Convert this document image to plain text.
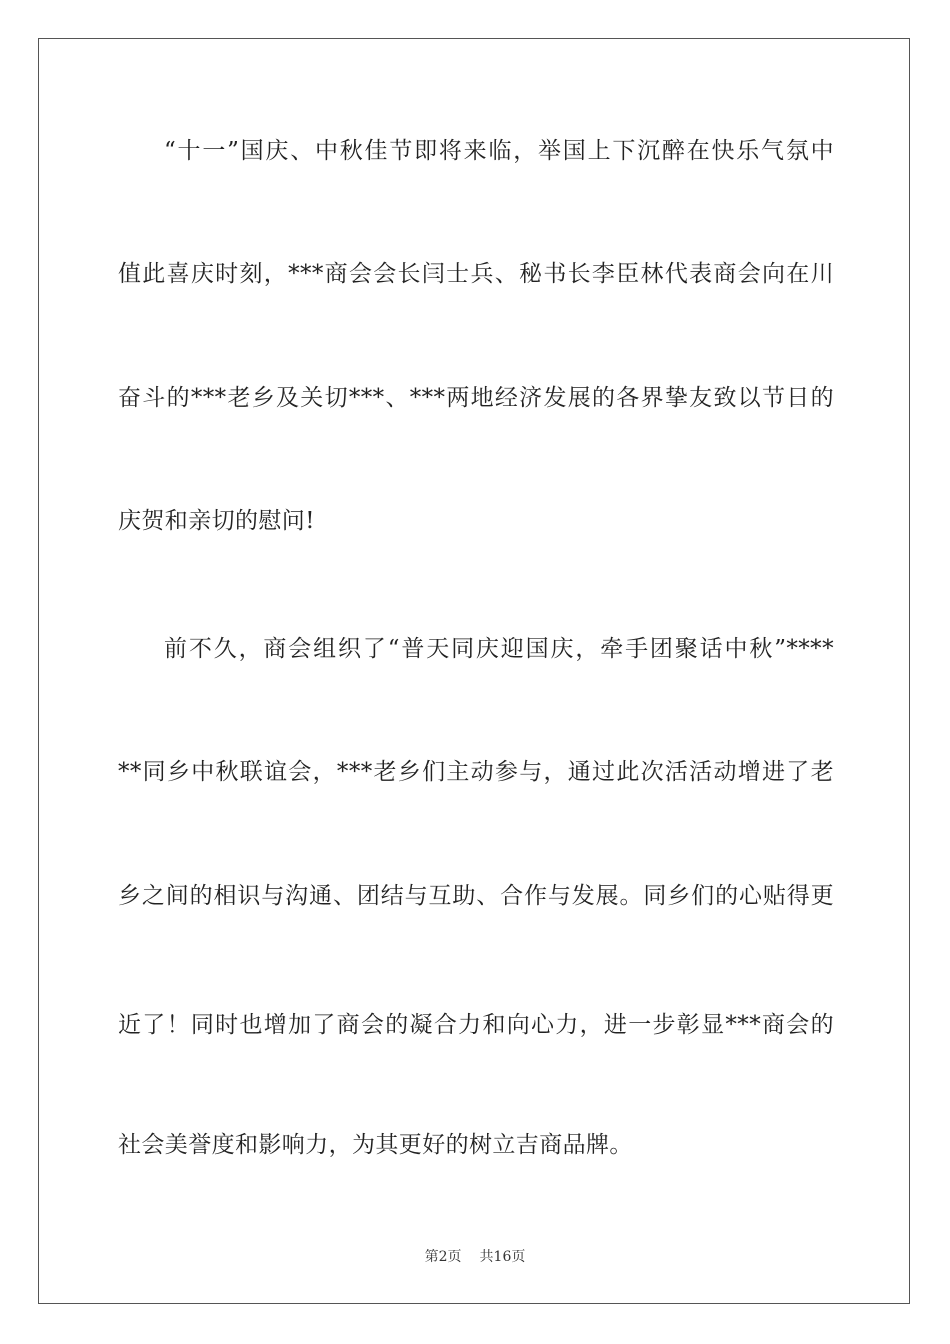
“十一”国庆、中秋佳节即将来临，举国上下沉醉在快乐气氛中
值此喜庆时刻，***商会会长闫士兵、秘书长李臣林代表商会向在川
奋斗的***老乡及关切***、***两地经济发展的各界挚友致以节日的
庆贺和亲切的慰问!
前不久，商会组织了“普天同庆迎国庆，牵手团聚话中秋”****
**同乡中秋联谊会，***老乡们主动参与，通过此次活活动增进了老
乡之间的相识与沟通、团结与互助、合作与发展。同乡们的心贴得更
近了！同时也增加了商会的凝合力和向心力，进一步彰显***商会的
社会美誉度和影响力，为其更好的树立吉商品牌。
第2页 共16页
